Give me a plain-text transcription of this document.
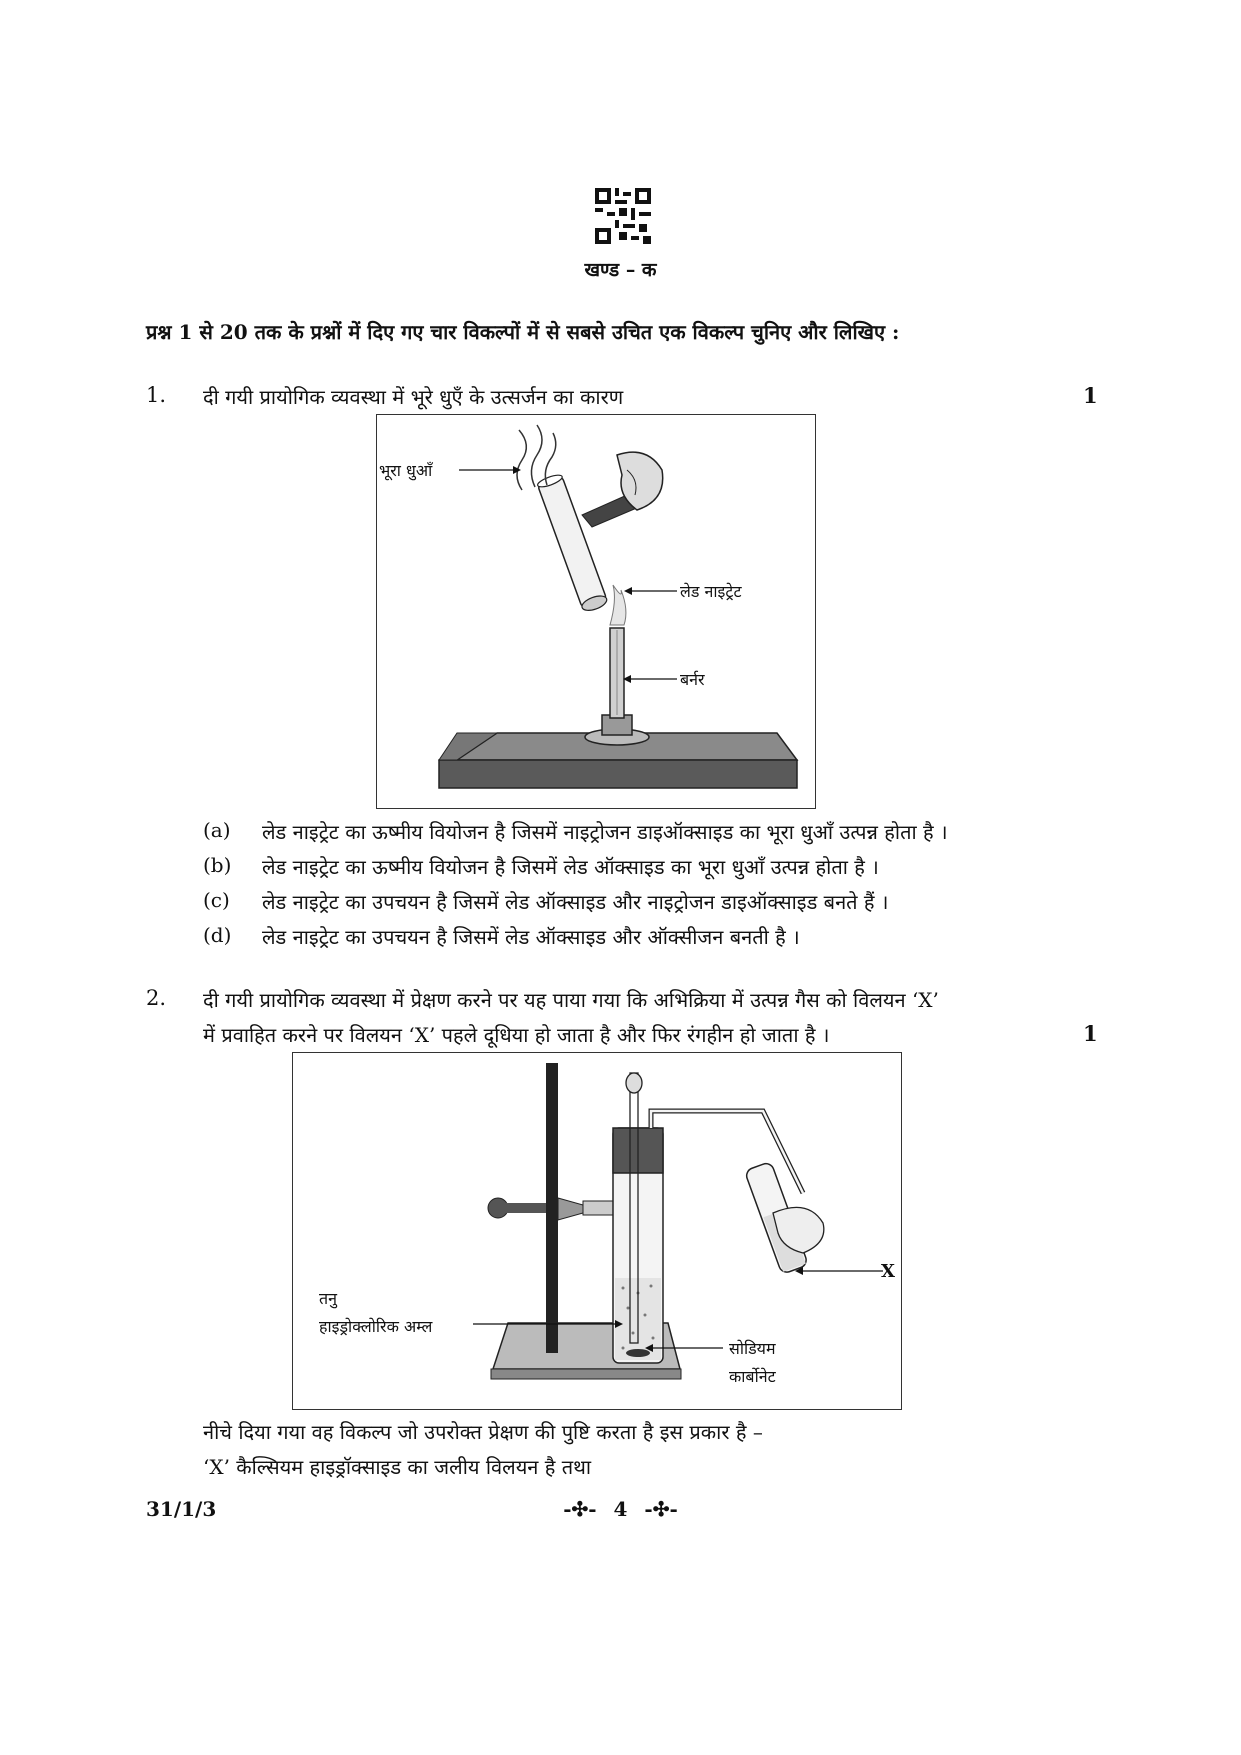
खण्ड – क
प्रश्न 1 से 20 तक के प्रश्नों में दिए गए चार विकल्पों में से सबसे उचित एक विकल्प चुनिए और लिखिए :
1. दी गयी प्रायोगिक व्यवस्था में भूरे धुएँ के उत्सर्जन का कारण	1
भूरा धुआँ
लेड नाइट्रेट
बर्नर
(a) लेड नाइट्रेट का ऊष्मीय वियोजन है जिसमें नाइट्रोजन डाइऑक्साइड का भूरा धुआँ उत्पन्न होता है ।
(b) लेड नाइट्रेट का ऊष्मीय वियोजन है जिसमें लेड ऑक्साइड का भूरा धुआँ उत्पन्न होता है ।
(c) लेड नाइट्रेट का उपचयन है जिसमें लेड ऑक्साइड और नाइट्रोजन डाइऑक्साइड बनते हैं ।
(d) लेड नाइट्रेट का उपचयन है जिसमें लेड ऑक्साइड और ऑक्सीजन बनती है ।
2. दी गयी प्रायोगिक व्यवस्था में प्रेक्षण करने पर यह पाया गया कि अभिक्रिया में उत्पन्न गैस को विलयन ‘X’
में प्रवाहित करने पर विलयन ‘X’ पहले दूधिया हो जाता है और फिर रंगहीन हो जाता है ।	1
X
तनु
हाइड्रोक्लोरिक अम्ल
सोडियम
कार्बोनेट
नीचे दिया गया वह विकल्प जो उपरोक्त प्रेक्षण की पुष्टि करता है इस प्रकार है –
‘X’ कैल्सियम हाइड्रॉक्साइड का जलीय विलयन है तथा
31/1/3	-✣- 4 -✣-
